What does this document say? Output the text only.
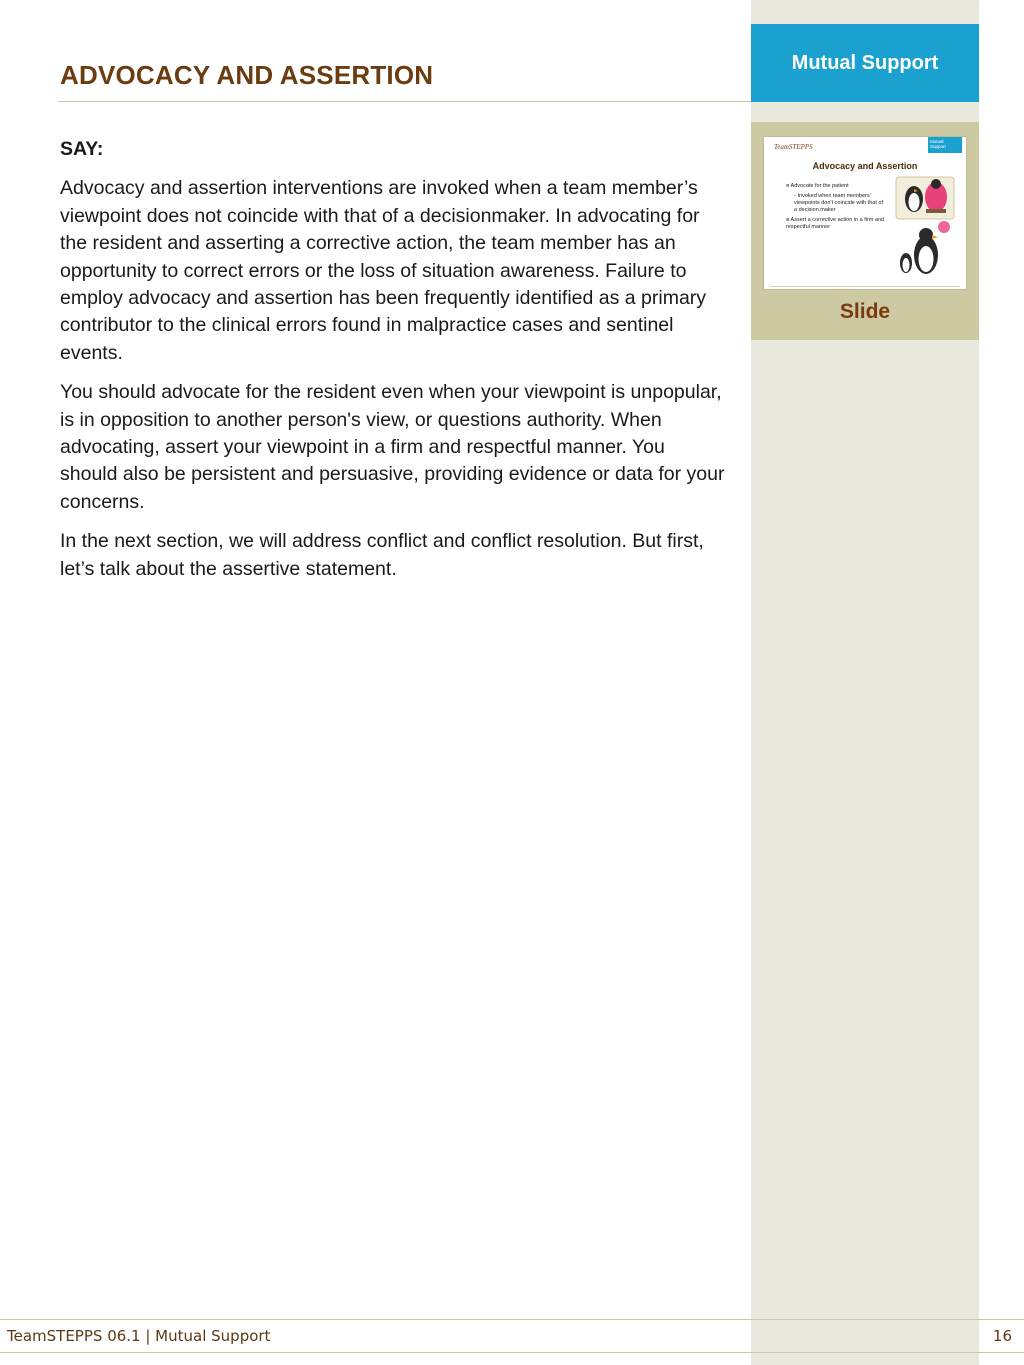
Mutual Support
ADVOCACY AND ASSERTION
SAY:

Advocacy and assertion interventions are invoked when a team member’s viewpoint does not coincide with that of a decisionmaker. In advocating for the resident and asserting a corrective action, the team member has an opportunity to correct errors or the loss of situation awareness. Failure to employ advocacy and assertion has been frequently identified as a primary contributor to the clinical errors found in malpractice cases and sentinel events.

You should advocate for the resident even when your viewpoint is unpopular, is in opposition to another person's view, or questions authority. When advocating, assert your viewpoint in a firm and respectful manner. You should also be persistent and persuasive, providing evidence or data for your concerns.

In the next section, we will address conflict and conflict resolution. But first, let’s talk about the assertive statement.

TeamSTEPPS
Mutual Support
Advocacy and Assertion
■ Advocate for the patient
▪ Invoked when team members’ viewpoints don’t coincide with that of a decision maker
■ Assert a corrective action in a firm and respectful manner
Slide
TeamSTEPPS 06.1 | Mutual Support	16
